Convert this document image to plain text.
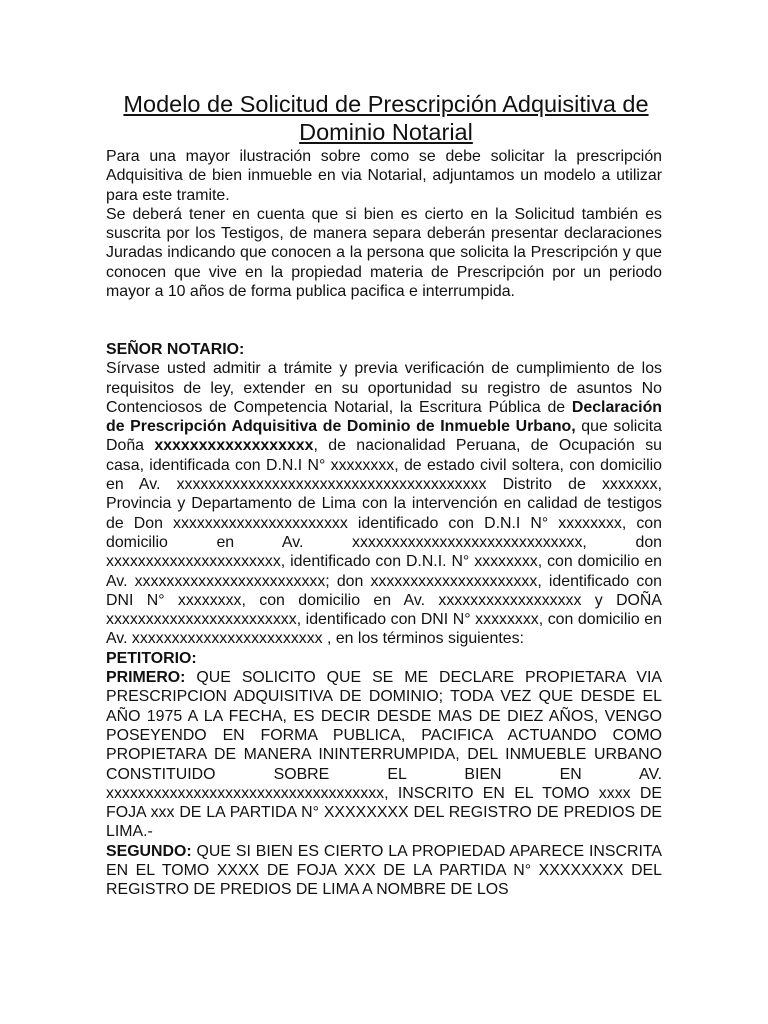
Modelo de Solicitud de Prescripción Adquisitiva de Dominio Notarial

Para una mayor ilustración sobre como se debe solicitar la prescripción Adquisitiva de bien inmueble en via Notarial, adjuntamos un modelo a utilizar para este tramite.

Se deberá tener en cuenta que si bien es cierto en la Solicitud también es suscrita por los Testigos, de manera separa deberán presentar declaraciones Juradas indicando que conocen a la persona que solicita la Prescripción y que conocen que vive en la propiedad materia de Prescripción por un periodo mayor a 10 años de forma publica pacifica e interrumpida.

SEÑOR NOTARIO:

Sírvase usted admitir a trámite y previa verificación de cumplimiento de los requisitos de ley, extender en su oportunidad su registro de asuntos No Contenciosos de Competencia Notarial, la Escritura Pública de Declaración de Prescripción Adquisitiva de Dominio de Inmueble Urbano, que solicita Doña xxxxxxxxxxxxxxxxxx, de nacionalidad Peruana, de Ocupación su casa, identificada con D.N.I N° xxxxxxxx, de estado civil soltera, con domicilio en Av. xxxxxxxxxxxxxxxxxxxxxxxxxxxxxxxxxxxxxxx Distrito de xxxxxxx, Provincia y Departamento de Lima con la intervención en calidad de testigos de Don xxxxxxxxxxxxxxxxxxxxxx identificado con D.N.I N° xxxxxxxx, con domicilio en Av. xxxxxxxxxxxxxxxxxxxxxxxxxxxxx, don xxxxxxxxxxxxxxxxxxxxxx, identificado con D.N.I. N° xxxxxxxx, con domicilio en Av. xxxxxxxxxxxxxxxxxxxxxxxx; don xxxxxxxxxxxxxxxxxxxxx, identificado con DNI N° xxxxxxxx, con domicilio en Av. xxxxxxxxxxxxxxxxxx y DOÑA xxxxxxxxxxxxxxxxxxxxxxxx, identificado con DNI N° xxxxxxxx, con domicilio en Av. xxxxxxxxxxxxxxxxxxxxxxxx , en los términos siguientes:

PETITORIO:

PRIMERO: QUE SOLICITO QUE SE ME DECLARE PROPIETARA VIA PRESCRIPCION ADQUISITIVA DE DOMINIO; TODA VEZ QUE DESDE EL AÑO 1975 A LA FECHA, ES DECIR DESDE MAS DE DIEZ AÑOS, VENGO POSEYENDO EN FORMA PUBLICA, PACIFICA ACTUANDO COMO PROPIETARA DE MANERA ININTERRUMPIDA, DEL INMUEBLE URBANO CONSTITUIDO SOBRE EL BIEN EN AV. xxxxxxxxxxxxxxxxxxxxxxxxxxxxxxxxxxx, INSCRITO EN EL TOMO xxxx DE FOJA xxx DE LA PARTIDA N° XXXXXXXX DEL REGISTRO DE PREDIOS DE LIMA.-

SEGUNDO: QUE SI BIEN ES CIERTO LA PROPIEDAD APARECE INSCRITA EN EL TOMO XXXX DE FOJA XXX DE LA PARTIDA N° XXXXXXXX DEL REGISTRO DE PREDIOS DE LIMA A NOMBRE DE LOS
